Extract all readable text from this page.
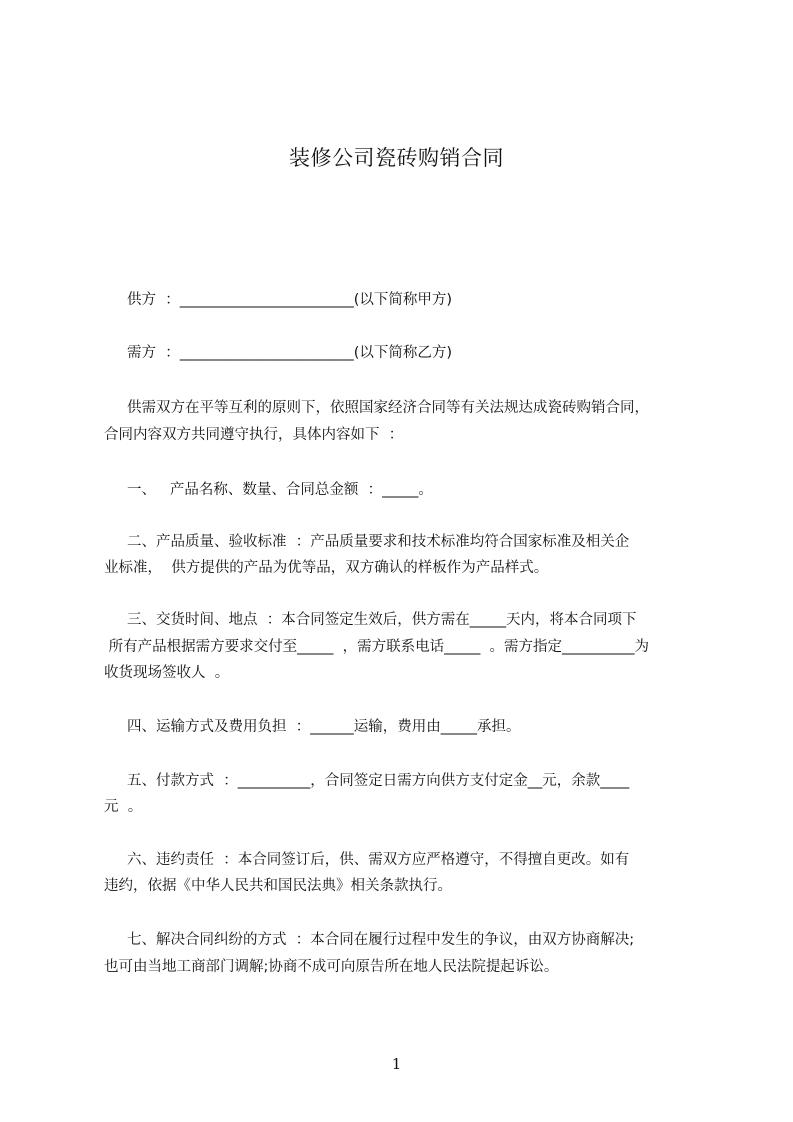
装修公司瓷砖购销合同
供方  ：________________________(以下简称甲方)
需方  ：________________________(以下简称乙方)
供需双方在平等互利的原则下，依照国家经济合同等有关法规达成瓷砖购销合同，
合同内容双方共同遵守执行，具体内容如下  ：
一、   产品名称、数量、合同总金额  ：_____。
二、产品质量、验收标准  ：产品质量要求和技术标准均符合国家标准及相关企
业标准，  供方提供的产品为优等品，双方确认的样板作为产品样式。
三、交货时间、地点  ：本合同签定生效后，供方需在_____天内，将本合同项下
所有产品根据需方要求交付至_____  ，需方联系电话_____  。需方指定__________为
收货现场签收人  。
四、运输方式及费用负担  ：______运输，费用由_____承担。
五、付款方式  ：__________，合同签定日需方向供方支付定金__元，余款____
元  。
六、违约责任  ：本合同签订后，供、需双方应严格遵守，不得擅自更改。如有
违约，依据《中华人民共和国民法典》相关条款执行。
七、解决合同纠纷的方式  ：本合同在履行过程中发生的争议，由双方协商解决;
也可由当地工商部门调解;协商不成可向原告所在地人民法院提起诉讼。
1
